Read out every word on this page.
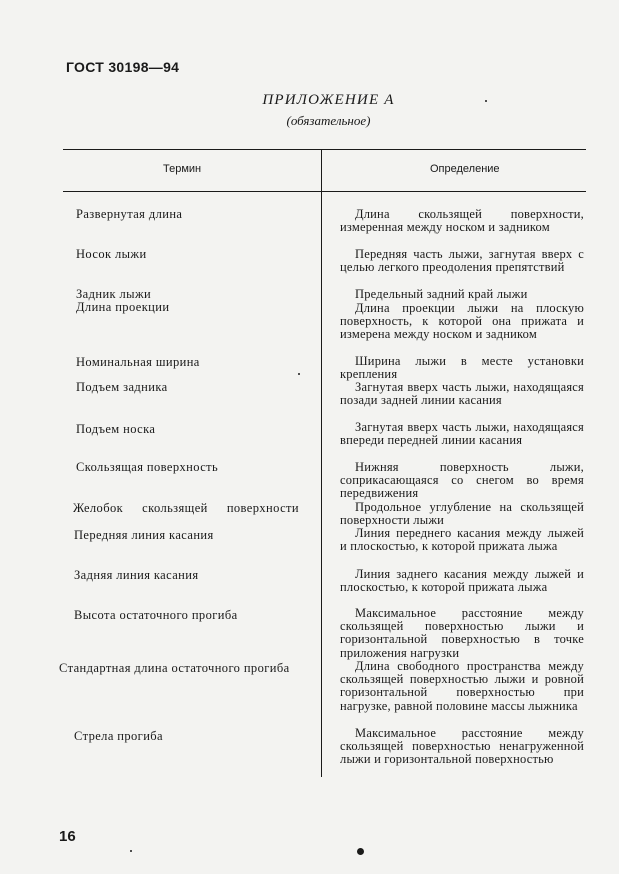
ГОСТ 30198—94
ПРИЛОЖЕНИЕ А
(обязательное)
Термин	Определение
Развернутая длина
Носок лыжи
Задник лыжи
Длина проекции
Номинальная ширина
Подъем задника
Подъем носка
Скользящая поверхность
Желобок скользящей поверхности
Передняя линия касания
Задняя линия касания
Высота остаточного прогиба
Стандартная длина остаточного прогиба
Стрела прогиба
Длина скользящей поверхности, измеренная между носком и задником
Передняя часть лыжи, загнутая вверх с целью легкого преодоления препятствий
Предельный задний край лыжи
Длина проекции лыжи на плоскую поверхность, к которой она прижата и измерена между носком и задником
Ширина лыжи в месте установки крепления
Загнутая вверх часть лыжи, находящаяся позади задней линии касания
Загнутая вверх часть лыжи, находящаяся впереди передней линии касания
Нижняя поверхность лыжи, соприкасающаяся со снегом во время передвижения
Продольное углубление на скользящей поверхности лыжи
Линия переднего касания между лыжей и плоскостью, к которой прижата лыжа
Линия заднего касания между лыжей и плоскостью, к которой прижата лыжа
Максимальное расстояние между скользящей поверхностью лыжи и горизонтальной поверхностью в точке приложения нагрузки
Длина свободного пространства между скользящей поверхностью лыжи и ровной горизонтальной поверхностью при нагрузке, равной половине массы лыжника
Максимальное расстояние между скользящей поверхностью ненагруженной лыжи и горизонтальной поверхностью
16
